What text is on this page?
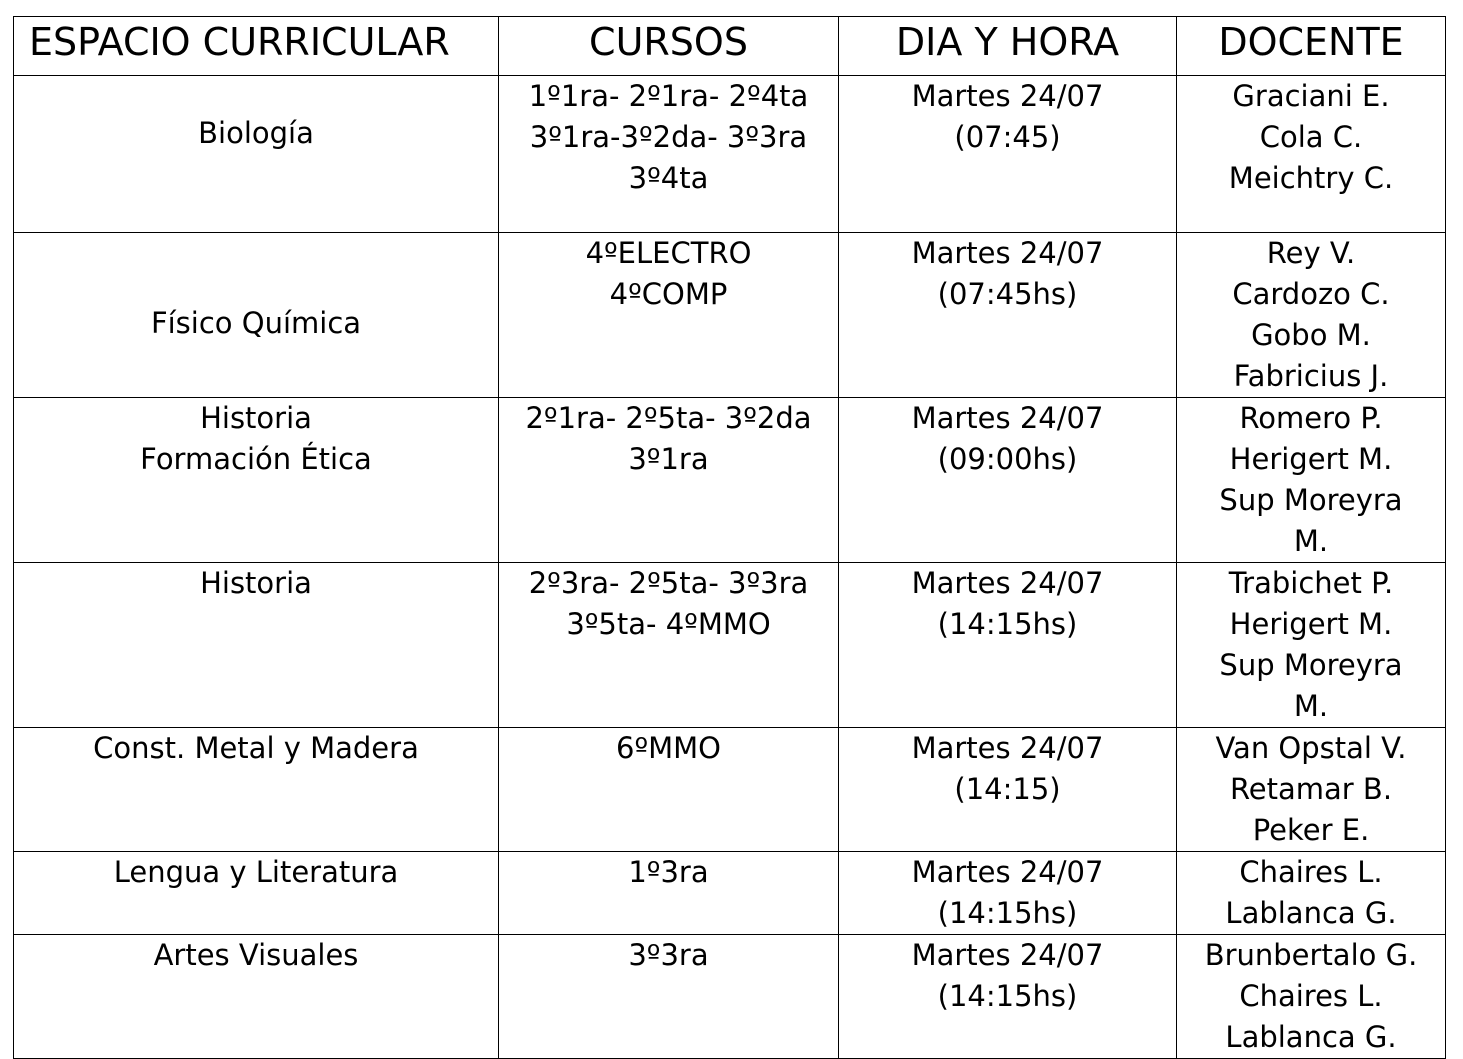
ESPACIO CURRICULAR	CURSOS	DIA Y HORA	DOCENTE

Biología	1º1ra- 2º1ra- 2º4ta
3º1ra-3º2da- 3º3ra
3º4ta	Martes 24/07
(07:45)	Graciani E.
Cola C.
Meichtry C.

Físico Química	4ºELECTRO
4ºCOMP	Martes 24/07
(07:45hs)	Rey V.
Cardozo C.
Gobo M.
Fabricius J.

Historia
Formación Ética	2º1ra- 2º5ta- 3º2da
3º1ra	Martes 24/07
(09:00hs)	Romero P.
Herigert M.
Sup Moreyra
M.

Historia	2º3ra- 2º5ta- 3º3ra
3º5ta- 4ºMMO	Martes 24/07
(14:15hs)	Trabichet P.
Herigert M.
Sup Moreyra
M.

Const. Metal y Madera	6ºMMO	Martes 24/07
(14:15)	Van Opstal V.
Retamar B.
Peker E.

Lengua y Literatura	1º3ra	Martes 24/07
(14:15hs)	Chaires L.
Lablanca G.

Artes Visuales	3º3ra	Martes 24/07
(14:15hs)	Brunbertalo G.
Chaires L.
Lablanca G.
